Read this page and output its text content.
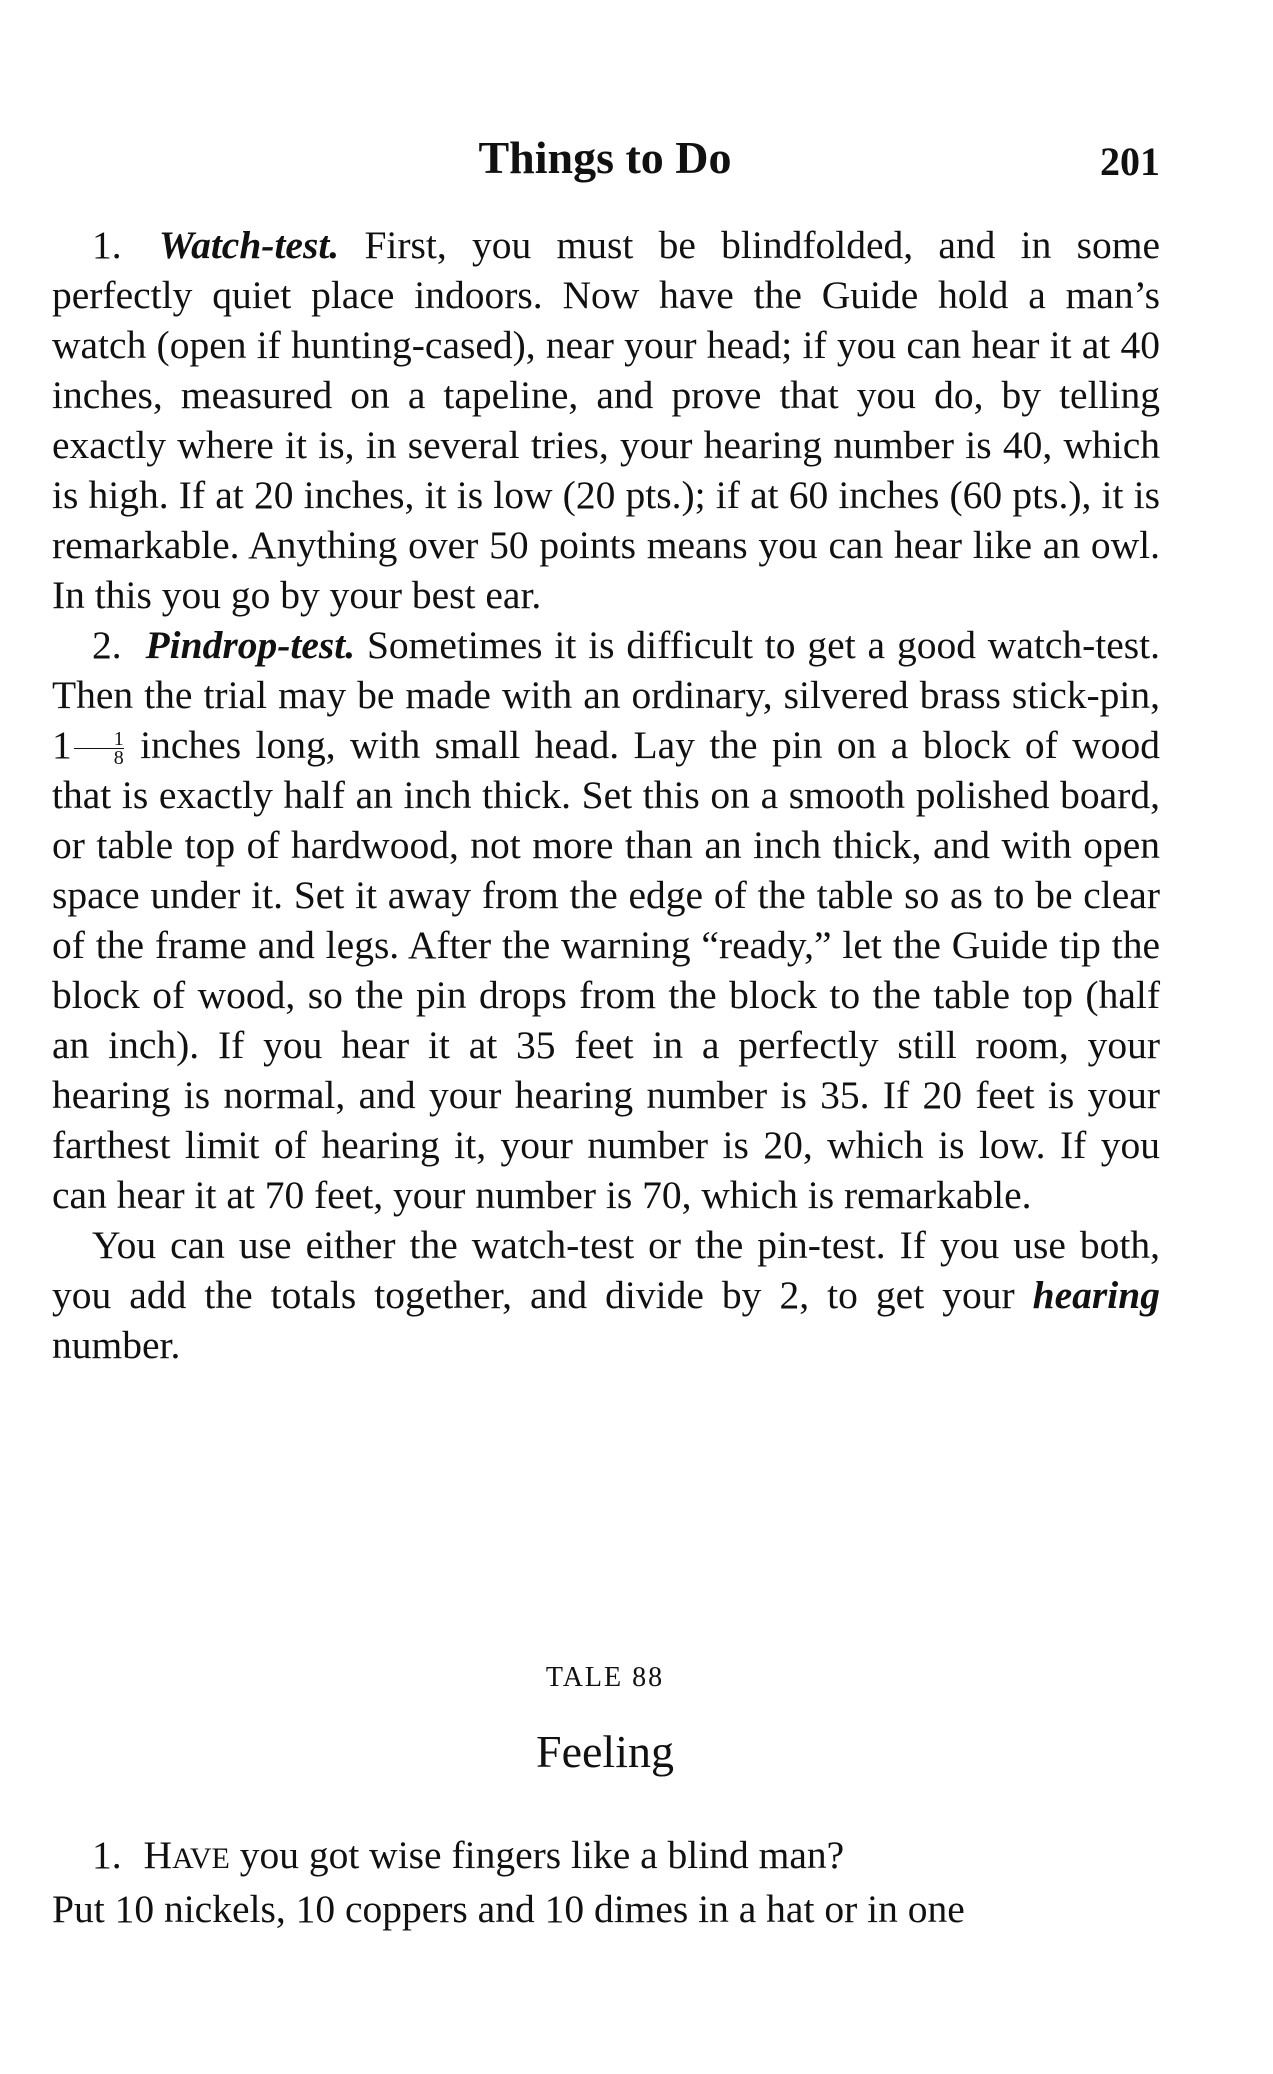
Things to Do	201

1. Watch-test. First, you must be blindfolded, and in some perfectly quiet place indoors. Now have the Guide hold a man’s watch (open if hunting-cased), near your head; if you can hear it at 40 inches, measured on a tapeline, and prove that you do, by telling exactly where it is, in several tries, your hearing number is 40, which is high. If at 20 inches, it is low (20 pts.); if at 60 inches (60 pts.), it is remarkable. Anything over 50 points means you can hear like an owl. In this you go by your best ear.

2. Pindrop-test. Sometimes it is difficult to get a good watch-test. Then the trial may be made with an ordinary, silvered brass stick-pin, $1 \frac{1}{8}$ inches long, with small head. Lay the pin on a block of wood that is exactly half an inch thick. Set this on a smooth polished board, or table top of hardwood, not more than an inch thick, and with open space under it. Set it away from the edge of the table so as to be clear of the frame and legs. After the warning “ready,” let the Guide tip the block of wood, so the pin drops from the block to the table top (half an inch). If you hear it at 35 feet in a perfectly still room, your hearing is normal, and your hearing number is 35. If 20 feet is your farthest limit of hearing it, your number is 20, which is low. If you can hear it at 70 feet, your number is 70, which is remarkable.

You can use either the watch-test or the pin-test. If you use both, you add the totals together, and divide by 2, to get your hearing number.

TALE 88
Feeling

1. HAVE you got wise fingers like a blind man?

Put 10 nickels, 10 coppers and 10 dimes in a hat or in one
